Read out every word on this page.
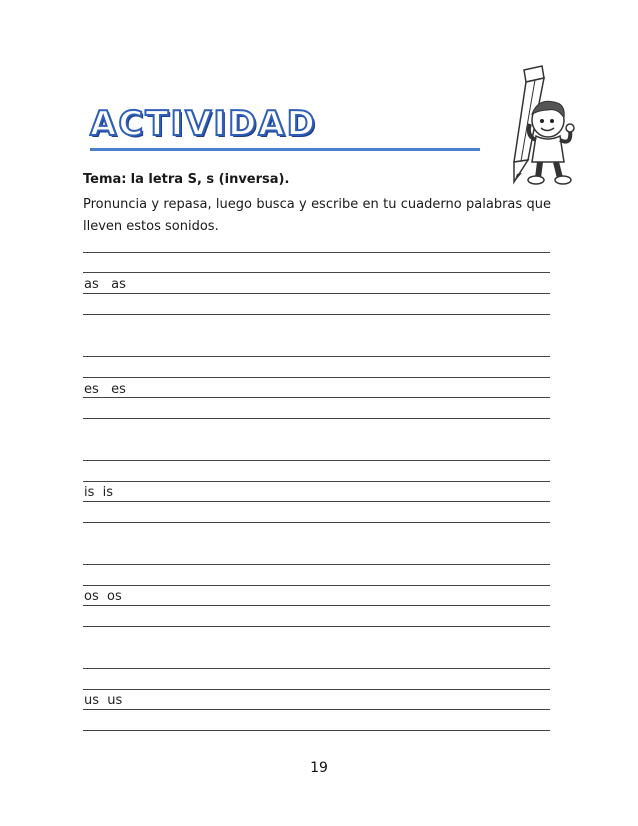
ACTIVIDAD

Tema: la letra S, s (inversa).

Pronuncia y repasa, luego busca y escribe en tu cuaderno palabras que lleven estos sonidos.

as   as
es   es
is  is
os  os
us  us
19
